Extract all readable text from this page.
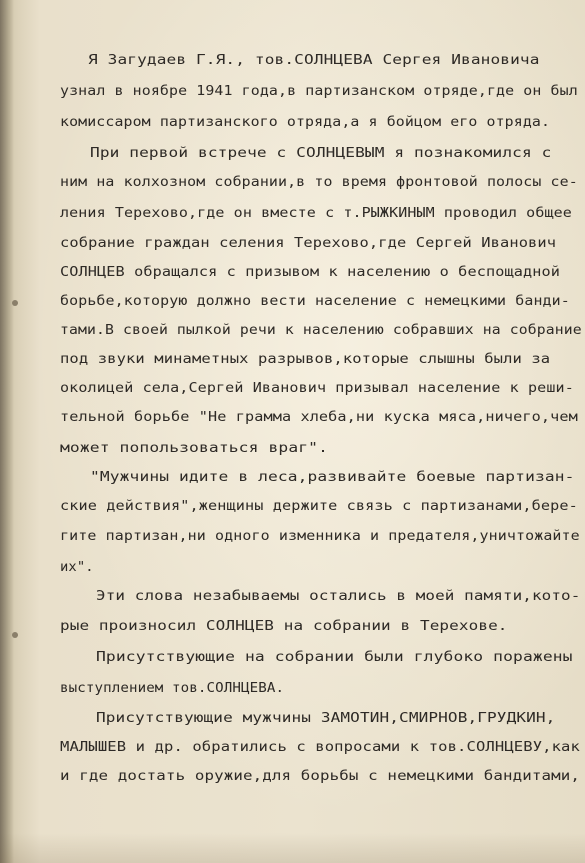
Я Загудаев Г.Я., тов.СОЛНЦЕВА Сергея Ивановича
узнал в ноябре 1941 года,в партизанском отряде,где он был
комиссаром партизанского отряда,а я бойцом его отряда.
При первой встрече с СОЛНЦЕВЫМ я познакомился с
ним на колхозном собрании,в то время фронтовой полосы се-
ления Терехово,где он вместе с т.РЫЖКИНЫМ проводил общее
собрание граждан селения Терехово,где Сергей Иванович
СОЛНЦЕВ обращался с призывом к населению о беспощадной
борьбе,которую должно вести население с немецкими банди-
тами.В своей пылкой речи к населению собравших на собрание
под звуки минаметных разрывов,которые слышны были за
околицей села,Сергей Иванович призывал население к реши-
тельной борьбе "Не грамма хлеба,ни куска мяса,ничего,чем
может попользоваться враг".
"Мужчины идите в леса,развивайте боевые партизан-
ские действия",женщины держите связь с партизанами,бере-
гите партизан,ни одного изменника и предателя,уничтожайте
их".
Эти слова незабываемы остались в моей памяти,кото-
рые произносил СОЛНЦЕВ на собрании в Терехове.
Присутствующие на собрании были глубоко поражены
выступлением тов.СОЛНЦЕВА.
Присутствующие мужчины ЗАМОТИН,СМИРНОВ,ГРУДКИН,
МАЛЫШЕВ и др. обратились с вопросами к тов.СОЛНЦЕВУ,как
и где достать оружие,для борьбы с немецкими бандитами,
